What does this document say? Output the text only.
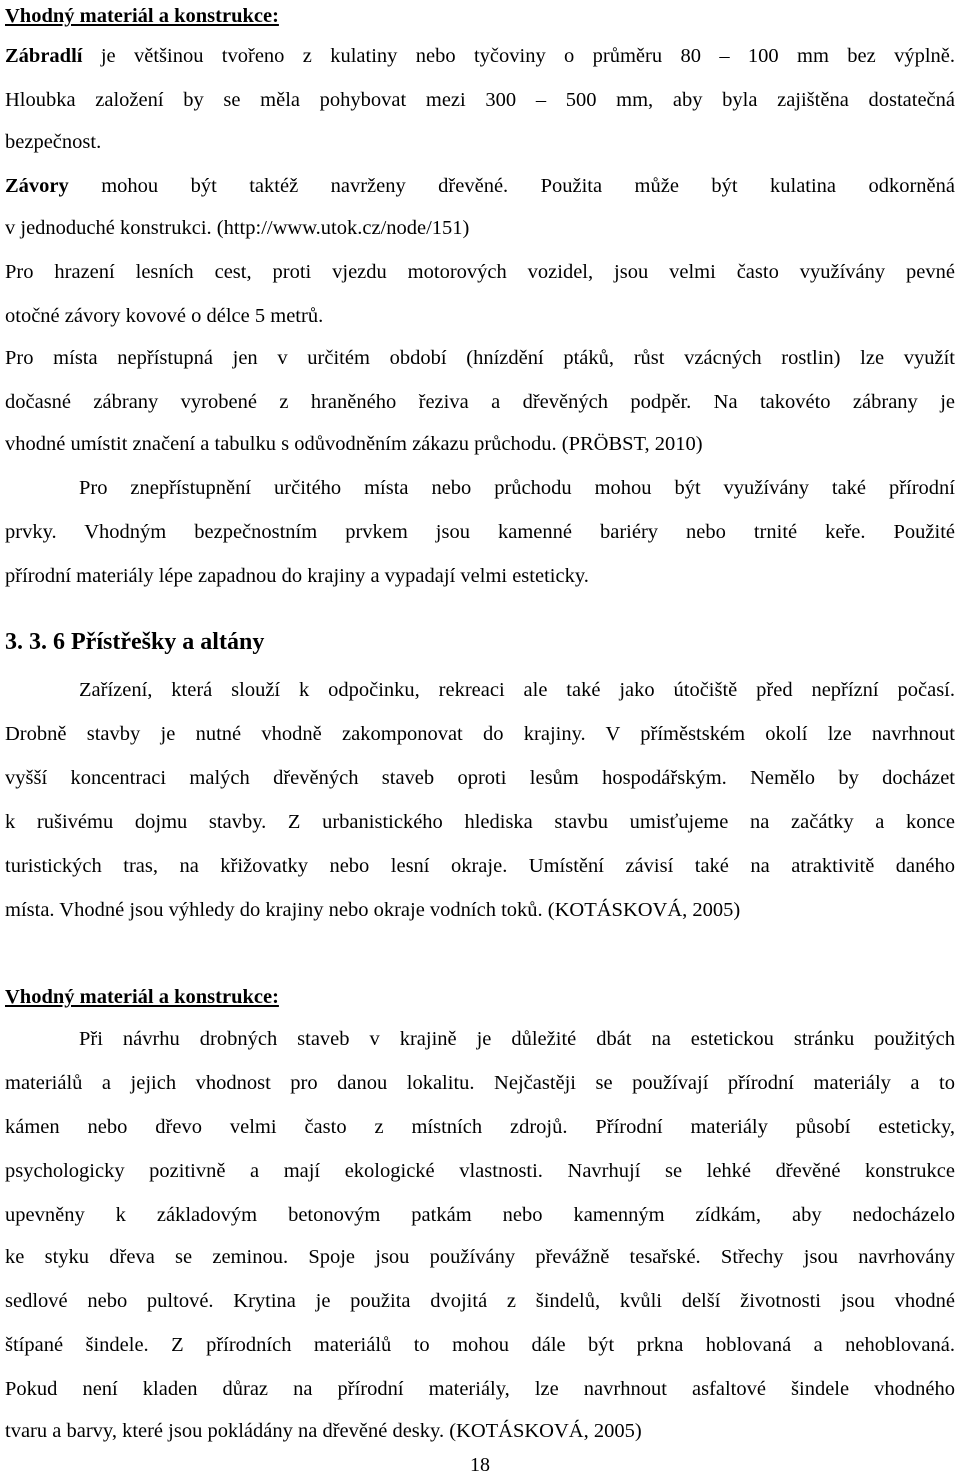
Vhodný materiál a konstrukce:
Zábradlí je většinou tvořeno z kulatiny nebo tyčoviny o průměru 80 – 100 mm bez výplně.
Hloubka založení by se měla pohybovat mezi 300 – 500 mm, aby byla zajištěna dostatečná
bezpečnost.
Závory mohou být taktéž navrženy dřevěné. Použita může být kulatina odkorněná
v jednoduché konstrukci. (http://www.utok.cz/node/151)
Pro hrazení lesních cest, proti vjezdu motorových vozidel, jsou velmi často využívány pevné
otočné závory kovové o délce 5 metrů.
Pro místa nepřístupná jen v určitém období (hnízdění ptáků, růst vzácných rostlin) lze využít
dočasné zábrany vyrobené z hraněného řeziva a dřevěných podpěr. Na takovéto zábrany je
vhodné umístit značení a tabulku s odůvodněním zákazu průchodu. (PRÖBST, 2010)
Pro znepřístupnění určitého místa nebo průchodu mohou být využívány také přírodní
prvky. Vhodným bezpečnostním prvkem jsou kamenné bariéry nebo trnité keře. Použité
přírodní materiály lépe zapadnou do krajiny a vypadají velmi esteticky.
3. 3. 6 Přístřešky a altány
Zařízení, která slouží k odpočinku, rekreaci ale také jako útočiště před nepřízní počasí.
Drobně stavby je nutné vhodně zakomponovat do krajiny. V příměstském okolí lze navrhnout
vyšší koncentraci malých dřevěných staveb oproti lesům hospodářským. Nemělo by docházet
k rušivému dojmu stavby. Z urbanistického hlediska stavbu umisťujeme na začátky a konce
turistických tras, na křižovatky nebo lesní okraje. Umístění závisí také na atraktivitě daného
místa. Vhodné jsou výhledy do krajiny nebo okraje vodních toků. (KOTÁSKOVÁ, 2005)
Vhodný materiál a konstrukce:
Při návrhu drobných staveb v krajině je důležité dbát na estetickou stránku použitých
materiálů a jejich vhodnost pro danou lokalitu. Nejčastěji se používají přírodní materiály a to
kámen nebo dřevo velmi často z místních zdrojů. Přírodní materiály působí esteticky,
psychologicky pozitivně a mají ekologické vlastnosti. Navrhují se lehké dřevěné konstrukce
upevněny k základovým betonovým patkám nebo kamenným zídkám, aby nedocházelo
ke styku dřeva se zeminou. Spoje jsou používány převážně tesařské. Střechy jsou navrhovány
sedlové nebo pultové. Krytina je použita dvojitá z šindelů, kvůli delší životnosti jsou vhodné
štípané šindele. Z přírodních materiálů to mohou dále být prkna hoblovaná a nehoblovaná.
Pokud není kladen důraz na přírodní materiály, lze navrhnout asfaltové šindele vhodného
tvaru a barvy, které jsou pokládány na dřevěné desky. (KOTÁSKOVÁ, 2005)
18
